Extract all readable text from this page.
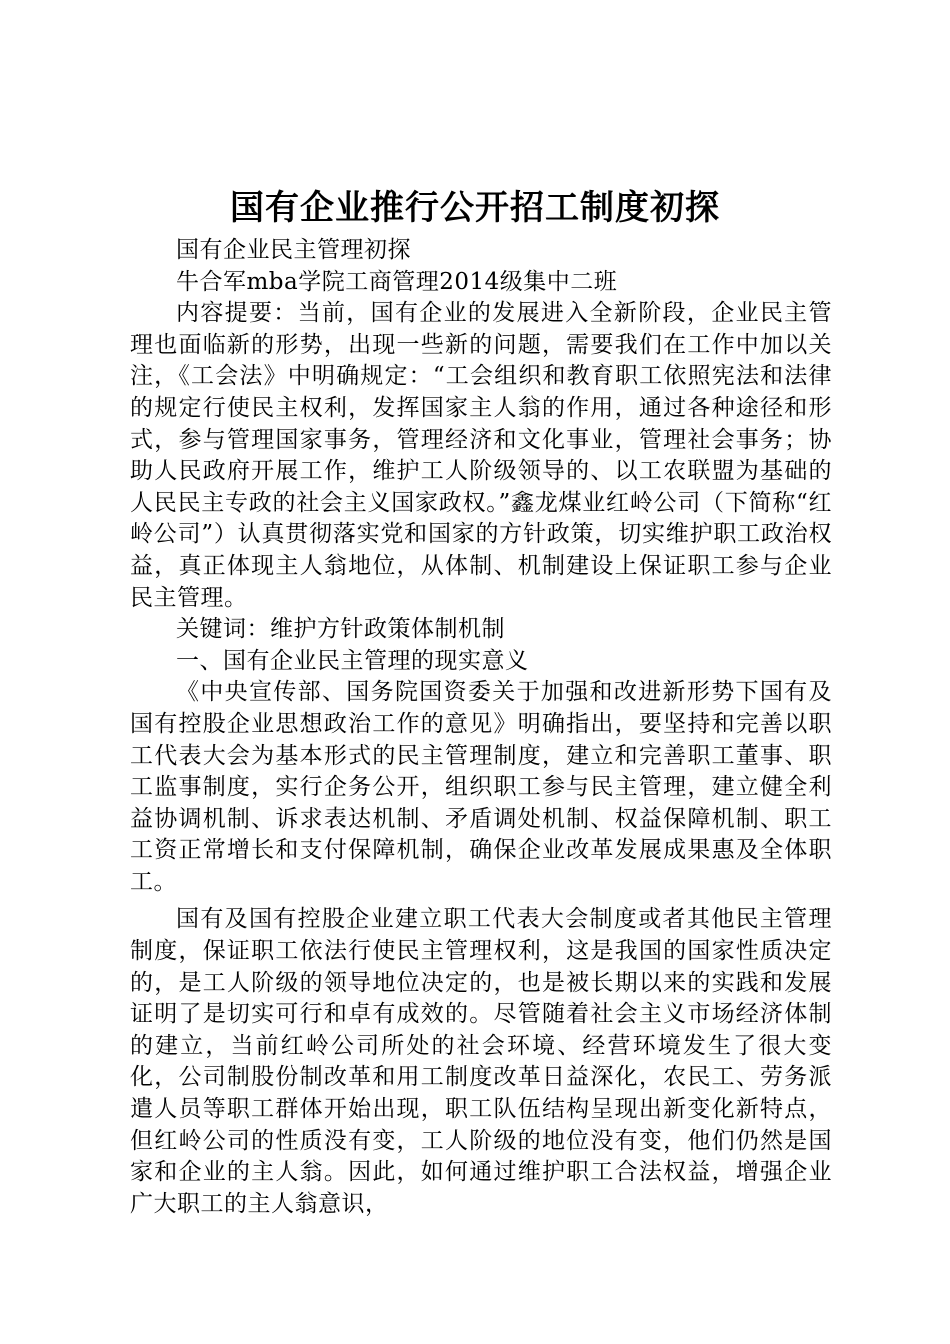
国有企业推行公开招工制度初探

国有企业民主管理初探

牛合军mba学院工商管理2014级集中二班

内容提要：当前，国有企业的发展进入全新阶段，企业民主管理也面临新的形势，出现一些新的问题，需要我们在工作中加以关注，《工会法》中明确规定：“工会组织和教育职工依照宪法和法律的规定行使民主权利，发挥国家主人翁的作用，通过各种途径和形式，参与管理国家事务，管理经济和文化事业，管理社会事务；协助人民政府开展工作，维护工人阶级领导的、以工农联盟为基础的人民民主专政的社会主义国家政权。”鑫龙煤业红岭公司（下简称“红岭公司”）认真贯彻落实党和国家的方针政策，切实维护职工政治权益，真正体现主人翁地位，从体制、机制建设上保证职工参与企业民主管理。

关键词：维护方针政策体制机制

一、国有企业民主管理的现实意义

《中央宣传部、国务院国资委关于加强和改进新形势下国有及国有控股企业思想政治工作的意见》明确指出，要坚持和完善以职工代表大会为基本形式的民主管理制度，建立和完善职工董事、职工监事制度，实行企务公开，组织职工参与民主管理，建立健全利益协调机制、诉求表达机制、矛盾调处机制、权益保障机制、职工工资正常增长和支付保障机制，确保企业改革发展成果惠及全体职工。

国有及国有控股企业建立职工代表大会制度或者其他民主管理制度，保证职工依法行使民主管理权利，这是我国的国家性质决定的，是工人阶级的领导地位决定的，也是被长期以来的实践和发展证明了是切实可行和卓有成效的。尽管随着社会主义市场经济体制的建立，当前红岭公司所处的社会环境、经营环境发生了很大变化，公司制股份制改革和用工制度改革日益深化，农民工、劳务派遣人员等职工群体开始出现，职工队伍结构呈现出新变化新特点，但红岭公司的性质没有变，工人阶级的地位没有变，他们仍然是国家和企业的主人翁。因此，如何通过维护职工合法权益，增强企业广大职工的主人翁意识，
